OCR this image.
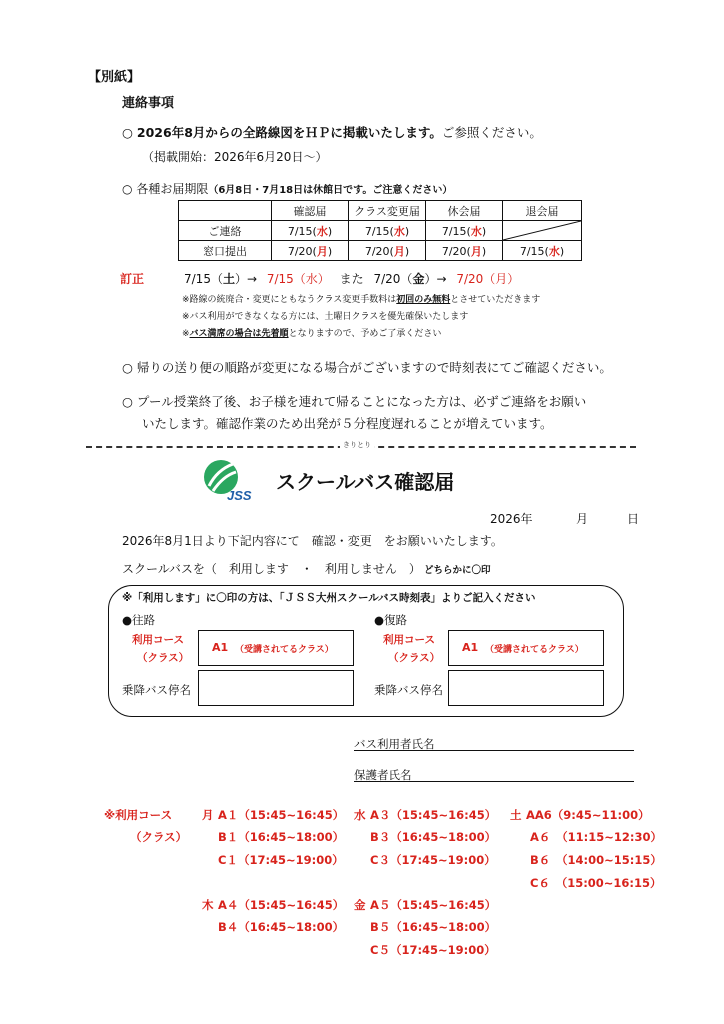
【別紙】
連絡事項
○ 2026年8月からの全路線図をＨＰに掲載いたします。ご参照ください。
（掲載開始：2026年6月20日～）
○ 各種お届期限（6月8日・7月18日は休館日です。ご注意ください）
	確認届	クラス変更届	休会届	退会届
ご連絡	7/15(水)	7/15(水)	7/15(水)	

窓口提出	7/20(月)	7/20(月)	7/20(月)	7/15(水)
訂正	7/15（土）→ 7/15（水） また 7/20（金）→ 7/20（月）
※路線の統廃合・変更にともなうクラス変更手数料は初回のみ無料とさせていただきます
※バス利用ができなくなる方には、土曜日クラスを優先確保いたします
※バス満席の場合は先着順となりますので、予めご了承ください
○ 帰りの送り便の順路が変更になる場合がございますので時刻表にてご確認ください。
○ プール授業終了後、お子様を連れて帰ることになった方は、必ずご連絡をお願い
いたします。確認作業のため出発が５分程度遅れることが増えています。
きりとり
JSS
スクールバス確認届
2026年	月	日
2026年8月1日より下記内容にて　確認・変更　をお願いいたします。
スクールバスを（　利用します　・　利用しません　） どちらかに〇印
※「利用します」に〇印の方は、「ＪＳＳ大州スクールバス時刻表」よりご記入ください
●往路	●復路
利用コース
（クラス）
A1 （受講されてるクラス）
利用コース
（クラス）
A1 （受講されてるクラス）
乗降バス停名	乗降バス停名
バス利用者氏名
保護者氏名
※利用コース
（クラス）
月 A１（15:45~16:45）
B１（16:45~18:00）
C１（17:45~19:00）
水 A３（15:45~16:45）
B３（16:45~18:00）
C３（17:45~19:00）
土 AA6（9:45~11:00）
A６　（11:15~12:30）
B６　（14:00~15:15）
C６　（15:00~16:15）
木 A４（15:45~16:45）
B４（16:45~18:00）
金 A５（15:45~16:45）
B５（16:45~18:00）
C５（17:45~19:00）
